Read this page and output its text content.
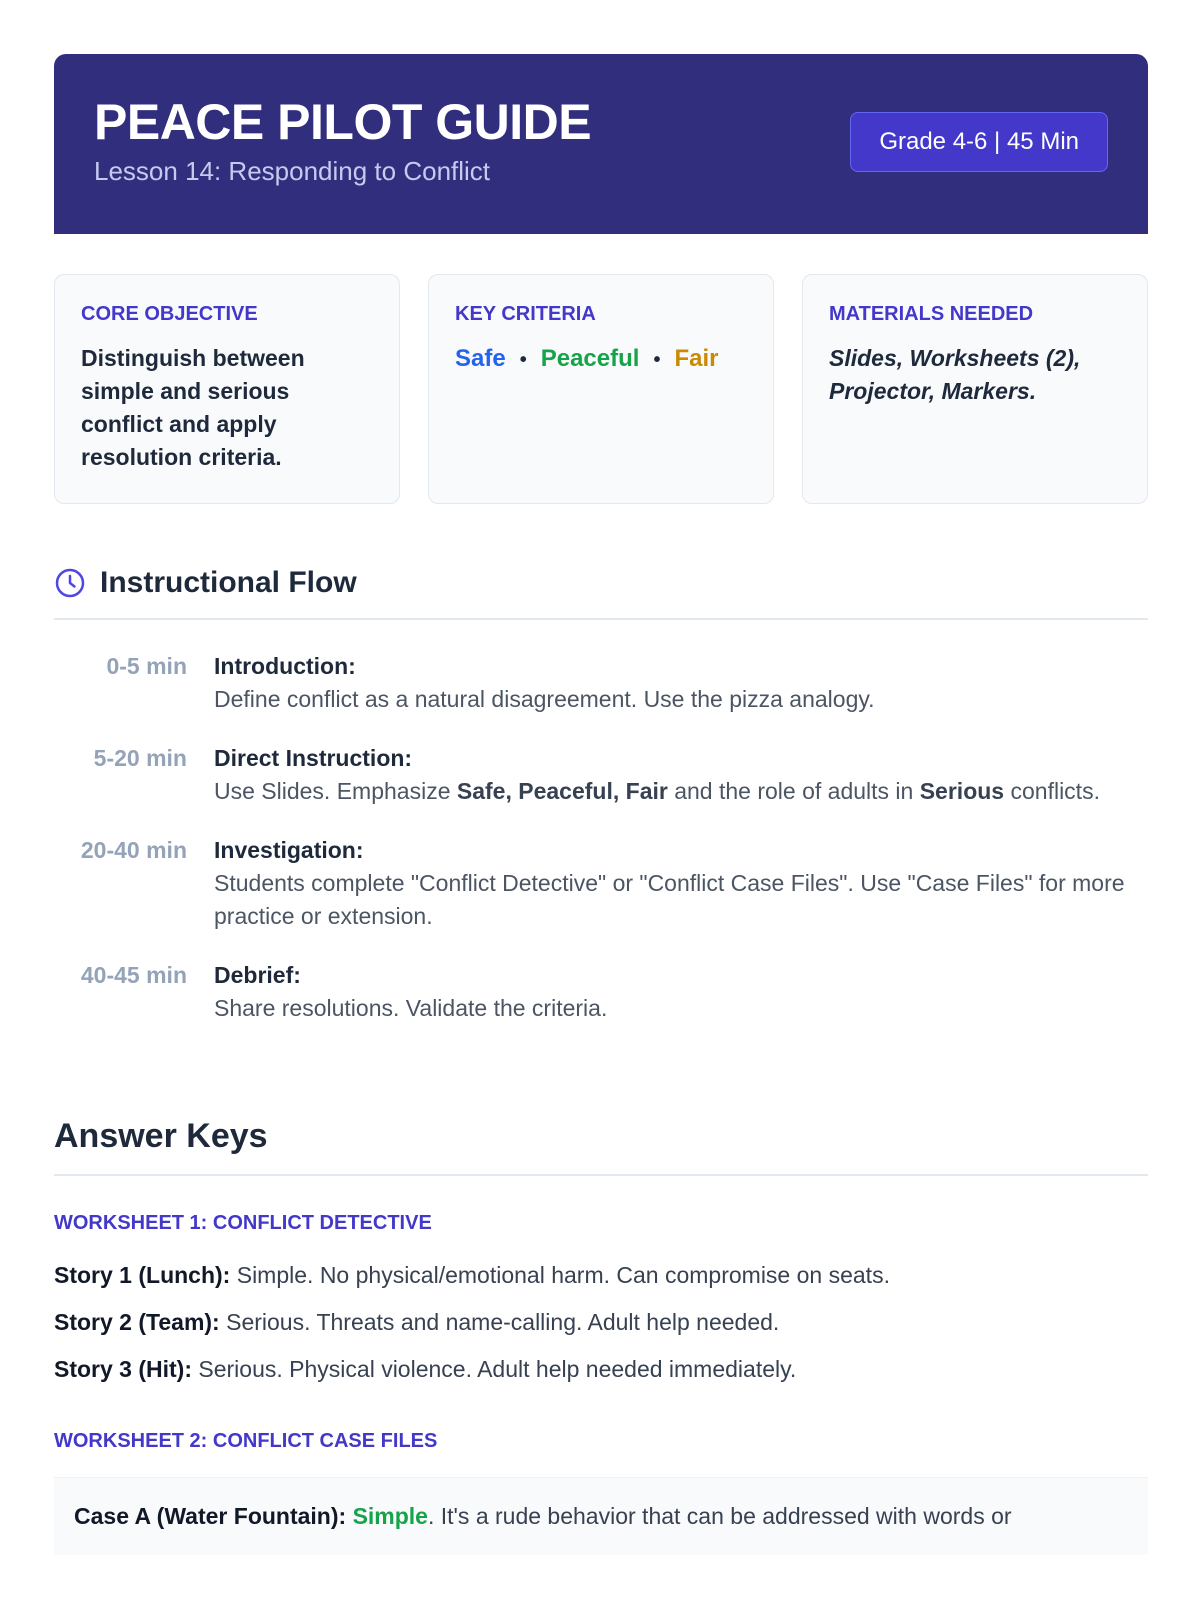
PEACE PILOT GUIDE
Lesson 14: Responding to Conflict
Grade 4-6 | 45 Min
CORE OBJECTIVE
Distinguish between simple and serious conflict and apply resolution criteria.
KEY CRITERIA
Safe • Peaceful • Fair
MATERIALS NEEDED
Slides, Worksheets (2), Projector, Markers.
Instructional Flow
0-5 min	Introduction:
Define conflict as a natural disagreement. Use the pizza analogy.
5-20 min	Direct Instruction:
Use Slides. Emphasize Safe, Peaceful, Fair and the role of adults in Serious conflicts.
20-40 min	Investigation:
Students complete "Conflict Detective" or "Conflict Case Files". Use "Case Files" for more practice or extension.
40-45 min	Debrief:
Share resolutions. Validate the criteria.
Answer Keys
WORKSHEET 1: CONFLICT DETECTIVE
Story 1 (Lunch): Simple. No physical/emotional harm. Can compromise on seats.
Story 2 (Team): Serious. Threats and name-calling. Adult help needed.
Story 3 (Hit): Serious. Physical violence. Adult help needed immediately.
WORKSHEET 2: CONFLICT CASE FILES
Case A (Water Fountain): Simple. It's a rude behavior that can be addressed with words or
